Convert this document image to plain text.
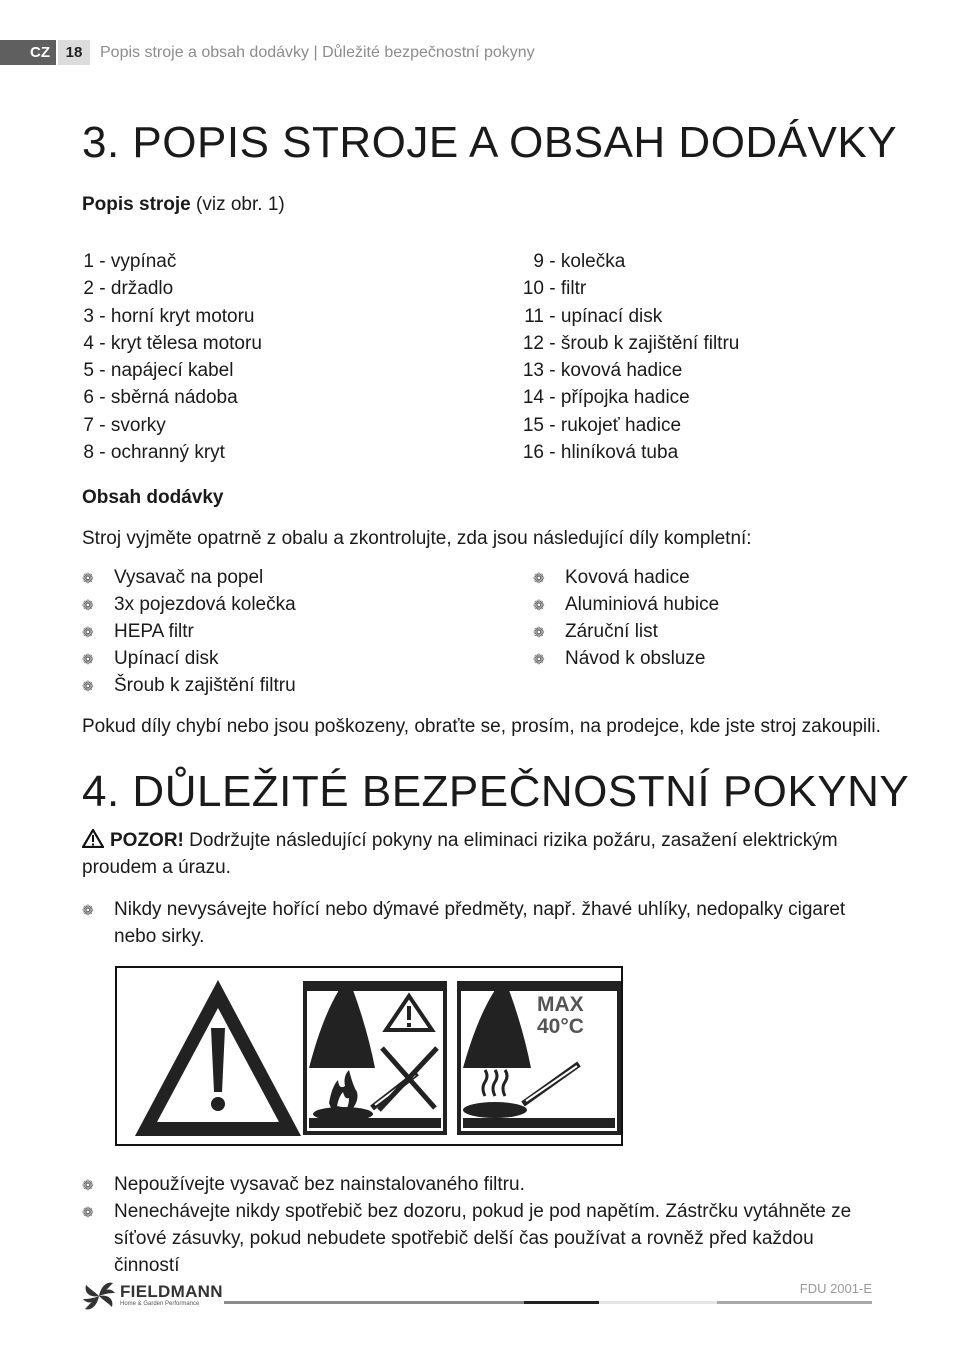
CZ	18	Popis stroje a obsah dodávky | Důležité bezpečnostní pokyny
3. POPIS STROJE A OBSAH DODÁVKY
Popis stroje (viz obr. 1)
1 - vypínač
2 - držadlo
3 - horní kryt motoru
4 - kryt tělesa motoru
5 - napájecí kabel
6 - sběrná nádoba
7 - svorky
8 - ochranný kryt
9 - kolečka
10 - filtr
11 - upínací disk
12 - šroub k zajištění filtru
13 - kovová hadice
14 - přípojka hadice
15 - rukojeť hadice
16 - hliníková tuba
Obsah dodávky
Stroj vyjměte opatrně z obalu a zkontrolujte, zda jsou následující díly kompletní:
❁ Vysavač na popel
❁ 3x pojezdová kolečka
❁ HEPA filtr
❁ Upínací disk
❁ Šroub k zajištění filtru
❁ Kovová hadice
❁ Aluminiová hubice
❁ Záruční list
❁ Návod k obsluze
Pokud díly chybí nebo jsou poškozeny, obraťte se, prosím, na prodejce, kde jste stroj zakoupili.
4. DŮLEŽITÉ BEZPEČNOSTNÍ POKYNY
POZOR! Dodržujte následující pokyny na eliminaci rizika požáru, zasažení elektrickým proudem a úrazu.
❁ Nikdy nevysávejte hořící nebo dýmavé předměty, např. žhavé uhlíky, nedopalky cigaret nebo sirky.
MAX
40°C
❁ Nepoužívejte vysavač bez nainstalovaného filtru.
❁ Nenechávejte nikdy spotřebič bez dozoru, pokud je pod napětím. Zástrčku vytáhněte ze síťové zásuvky, pokud nebudete spotřebič delší čas používat a rovněž před každou činností
FIELDMANN
Home & Garden Performance
FDU 2001-E
